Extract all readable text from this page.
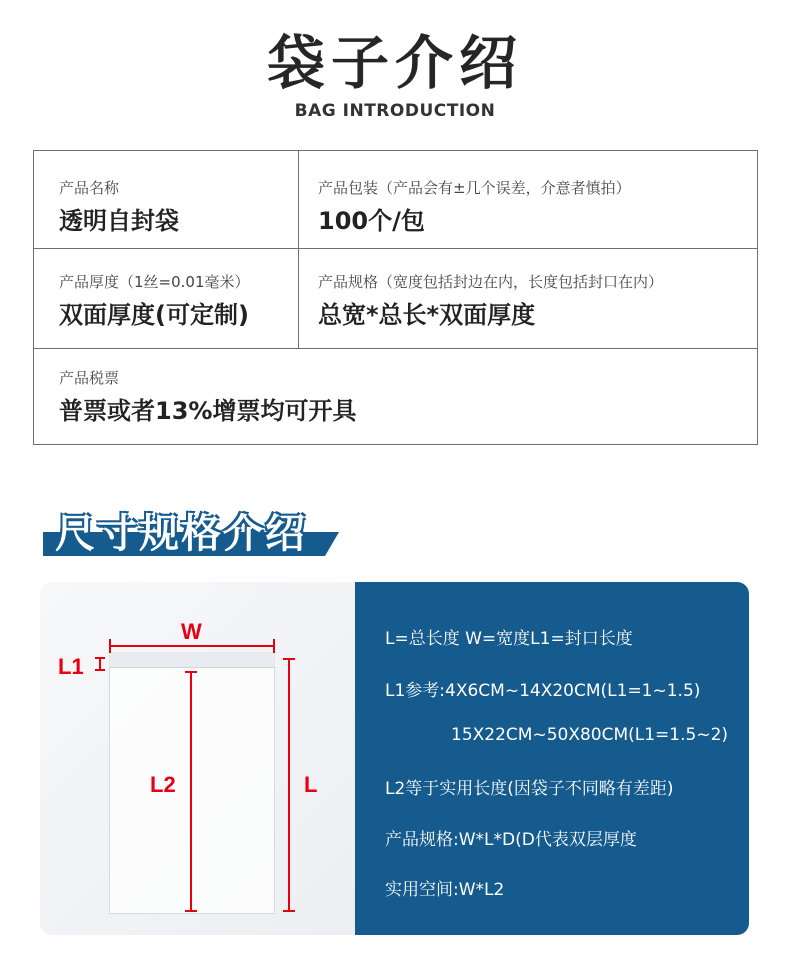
袋子介绍
BAG INTRODUCTION
产品名称
透明自封袋
产品包装（产品会有±几个误差，介意者慎拍）
100个/包
产品厚度（1丝=0.01毫米）
双面厚度(可定制)
产品规格（宽度包括封边在内，长度包括封口在内）
总宽*总长*双面厚度
产品税票
普票或者13%增票均可开具
尺寸规格介绍
L=总长度 W=宽度L1=封口长度
L1参考:4X6CM~14X20CM(L1=1~1.5)
15X22CM~50X80CM(L1=1.5~2)
L2等于实用长度(因袋子不同略有差距)
产品规格:W*L*D(D代表双层厚度
实用空间:W*L2
W
L1
L2	L
